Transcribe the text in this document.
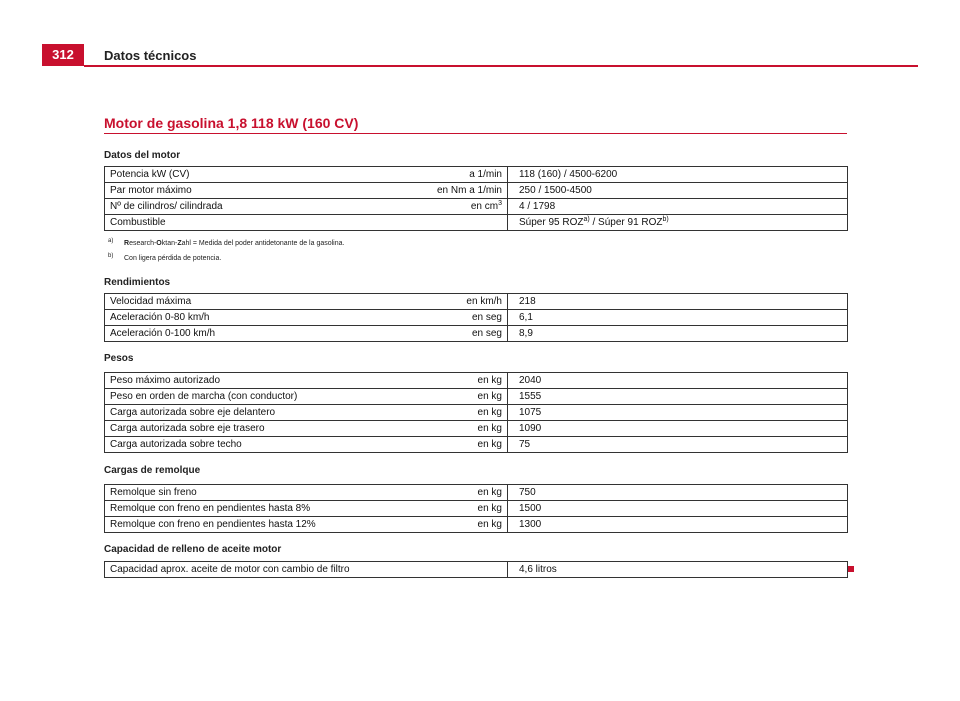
312	Datos técnicos
Motor de gasolina 1,8 118 kW (160 CV)
Datos del motor
Potencia kW (CV)	a 1/min	118 (160) / 4500-6200
Par motor máximo	en Nm a 1/min	250 / 1500-4500
Nº de cilindros/ cilindrada	en $cm^3$	4 / 1798
Combustible		Súper 95 ROZ$^{a)}$ / Súper 91 ROZ$^{b)}$
a) Research-Oktan-Zahl = Medida del poder antidetonante de la gasolina.
b) Con ligera pérdida de potencia.
Rendimientos
Velocidad máxima	en km/h	218
Aceleración 0-80 km/h	en seg	6,1
Aceleración 0-100 km/h	en seg	8,9
Pesos
Peso máximo autorizado	en kg	2040
Peso en orden de marcha (con conductor)	en kg	1555
Carga autorizada sobre eje delantero	en kg	1075
Carga autorizada sobre eje trasero	en kg	1090
Carga autorizada sobre techo	en kg	75
Cargas de remolque
Remolque sin freno	en kg	750
Remolque con freno en pendientes hasta 8%	en kg	1500
Remolque con freno en pendientes hasta 12%	en kg	1300
Capacidad de relleno de aceite motor
Capacidad aprox. aceite de motor con cambio de filtro		4,6 litros
